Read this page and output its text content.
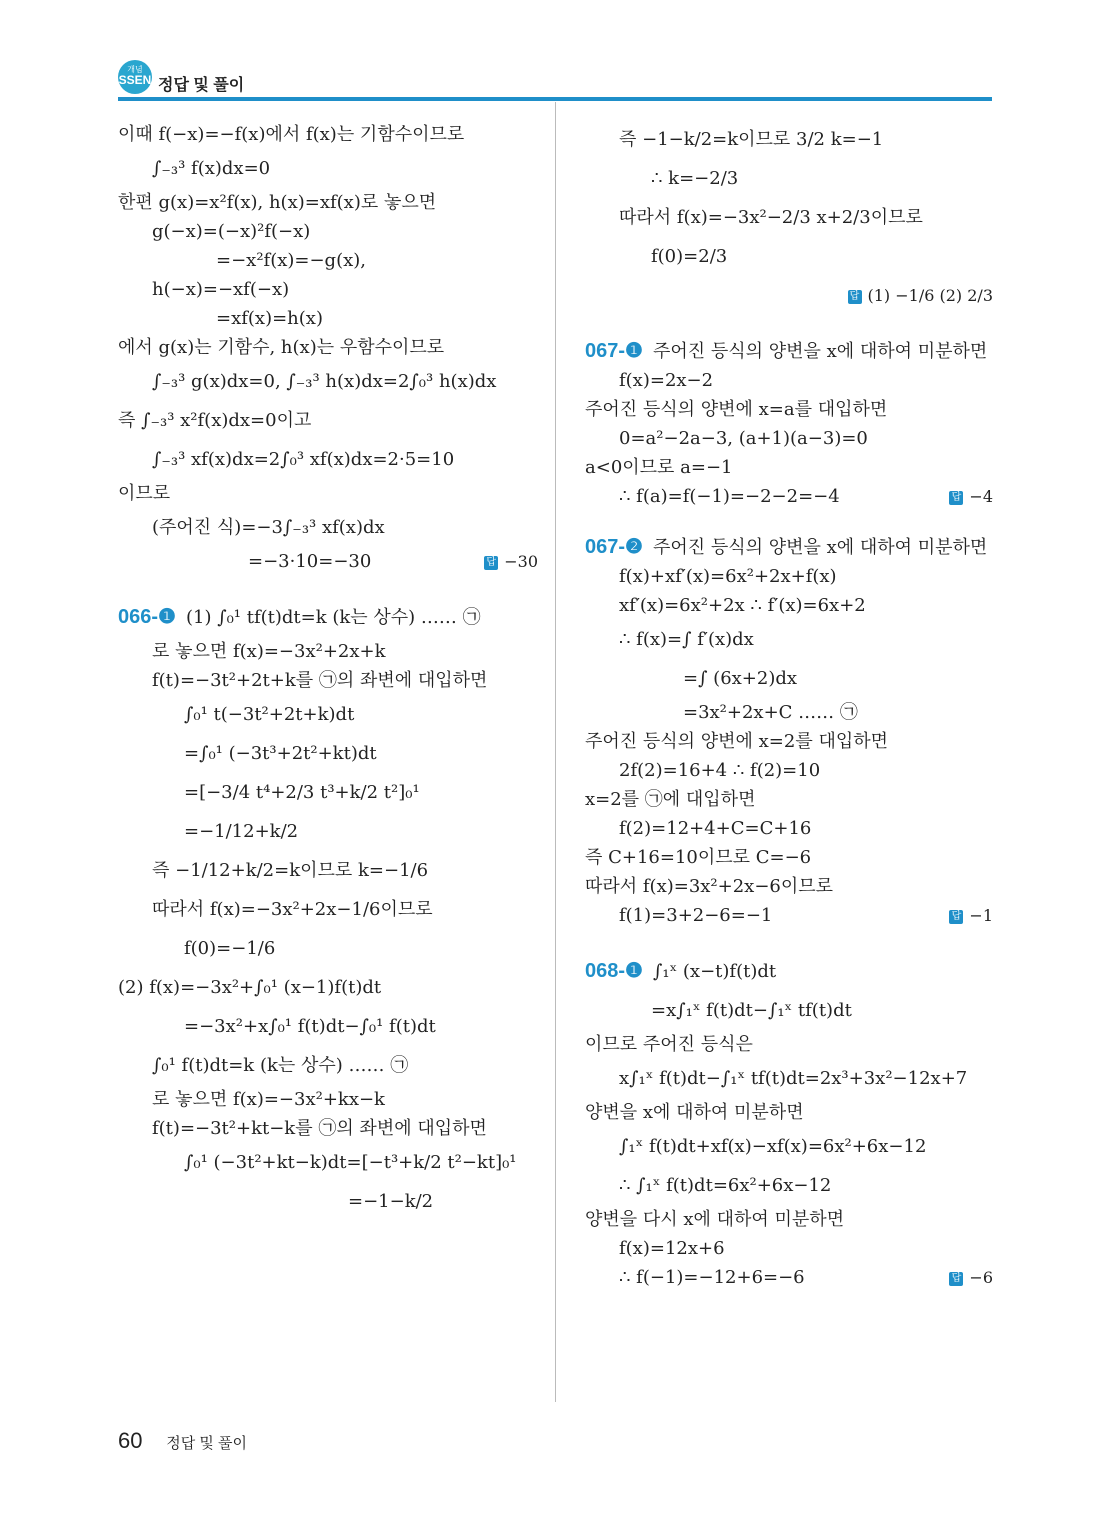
개념
SSEN 정답 및 풀이
이때 f(−x)=−f(x)에서 f(x)는 기함수이므로
∫₋₃³ f(x)dx=0
한편 g(x)=x²f(x), h(x)=xf(x)로 놓으면
g(−x)=(−x)²f(−x)
=−x²f(x)=−g(x),
h(−x)=−xf(−x)
=xf(x)=h(x)
에서 g(x)는 기함수, h(x)는 우함수이므로
∫₋₃³ g(x)dx=0, ∫₋₃³ h(x)dx=2∫₀³ h(x)dx
즉 ∫₋₃³ x²f(x)dx=0이고
∫₋₃³ xf(x)dx=2∫₀³ xf(x)dx=2·5=10
이므로
(주어진 식)=−3∫₋₃³ xf(x)dx
=−3·10=−30	답 −30
066-❶ (1) ∫₀¹ tf(t)dt=k (k는 상수) …… ㉠
로 놓으면 f(x)=−3x²+2x+k
f(t)=−3t²+2t+k를 ㉠의 좌변에 대입하면
∫₀¹ t(−3t²+2t+k)dt
=∫₀¹ (−3t³+2t²+kt)dt
=[−3/4 t⁴+2/3 t³+k/2 t²]₀¹
=−1/12+k/2
즉 −1/12+k/2=k이므로 k=−1/6
따라서 f(x)=−3x²+2x−1/6이므로
f(0)=−1/6
(2) f(x)=−3x²+∫₀¹ (x−1)f(t)dt
=−3x²+x∫₀¹ f(t)dt−∫₀¹ f(t)dt
∫₀¹ f(t)dt=k (k는 상수) …… ㉠
로 놓으면 f(x)=−3x²+kx−k
f(t)=−3t²+kt−k를 ㉠의 좌변에 대입하면
∫₀¹ (−3t²+kt−k)dt=[−t³+k/2 t²−kt]₀¹
=−1−k/2
즉 −1−k/2=k이므로 3/2 k=−1
∴ k=−2/3
따라서 f(x)=−3x²−2/3 x+2/3이므로
f(0)=2/3
답 (1) −1/6 (2) 2/3
067-❶ 주어진 등식의 양변을 x에 대하여 미분하면
f(x)=2x−2
주어진 등식의 양변에 x=a를 대입하면
0=a²−2a−3, (a+1)(a−3)=0
a<0이므로 a=−1
∴ f(a)=f(−1)=−2−2=−4	답 −4
067-❷ 주어진 등식의 양변을 x에 대하여 미분하면
f(x)+xf′(x)=6x²+2x+f(x)
xf′(x)=6x²+2x ∴ f′(x)=6x+2
∴ f(x)=∫ f′(x)dx
=∫ (6x+2)dx
=3x²+2x+C …… ㉠
주어진 등식의 양변에 x=2를 대입하면
2f(2)=16+4 ∴ f(2)=10
x=2를 ㉠에 대입하면
f(2)=12+4+C=C+16
즉 C+16=10이므로 C=−6
따라서 f(x)=3x²+2x−6이므로
f(1)=3+2−6=−1	답 −1
068-❶ ∫₁ˣ (x−t)f(t)dt
=x∫₁ˣ f(t)dt−∫₁ˣ tf(t)dt
이므로 주어진 등식은
x∫₁ˣ f(t)dt−∫₁ˣ tf(t)dt=2x³+3x²−12x+7
양변을 x에 대하여 미분하면
∫₁ˣ f(t)dt+xf(x)−xf(x)=6x²+6x−12
∴ ∫₁ˣ f(t)dt=6x²+6x−12
양변을 다시 x에 대하여 미분하면
f(x)=12x+6
∴ f(−1)=−12+6=−6	답 −6
60 정답 및 풀이
